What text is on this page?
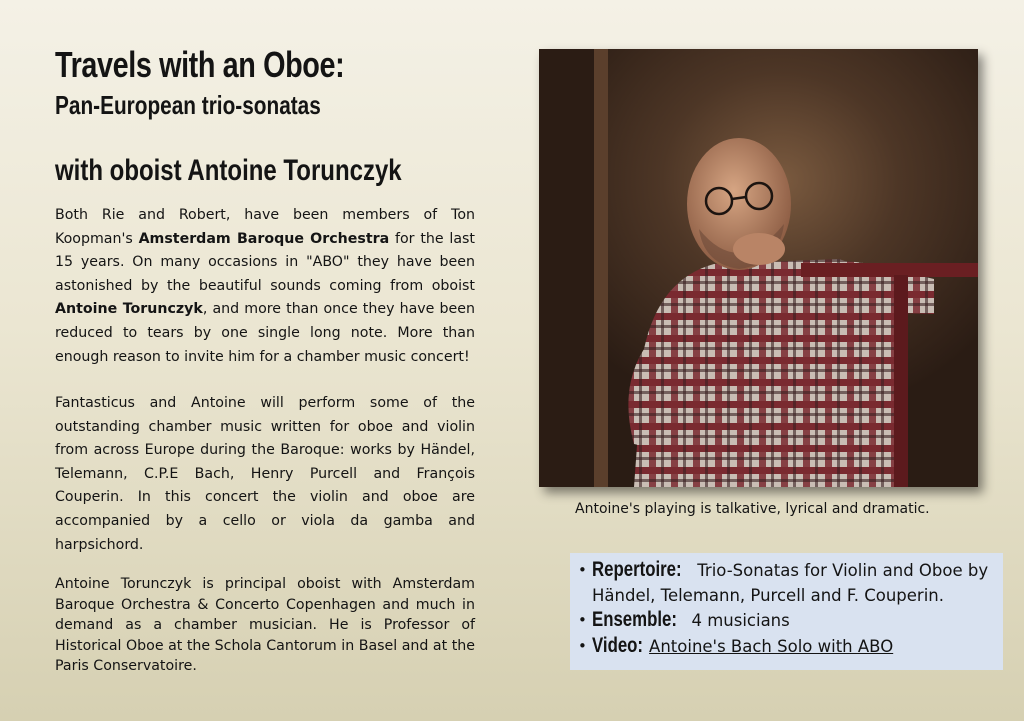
Travels with an Oboe:
Pan-European trio-sonatas
with oboist Antoine Torunczyk

Both Rie and Robert, have been members of Ton Koopman's Amsterdam Baroque Orchestra for the last 15 years. On many occasions in "ABO" they have been astonished by the beautiful sounds coming from oboist Antoine Torunczyk, and more than once they have been reduced to tears by one single long note. More than enough reason to invite him for a chamber music concert!

Fantasticus and Antoine will perform some of the outstanding chamber music written for oboe and violin from across Europe during the Baroque: works by Händel, Telemann, C.P.E Bach, Henry Purcell and François Couperin. In this concert the violin and oboe are accompanied by a cello or viola da gamba and harpsichord.

Antoine Torunczyk is principal oboist with Amsterdam Baroque Orchestra & Concerto Copenhagen and much in demand as a chamber musician. He is Professor of Historical Oboe at the Schola Cantorum in Basel and at the Paris Conservatoire.

Antoine's playing is talkative, lyrical and dramatic.

• Repertoire: Trio-Sonatas for Violin and Oboe by Händel, Telemann, Purcell and F. Couperin.
• Ensemble: 4 musicians
• Video: Antoine's Bach Solo with ABO
